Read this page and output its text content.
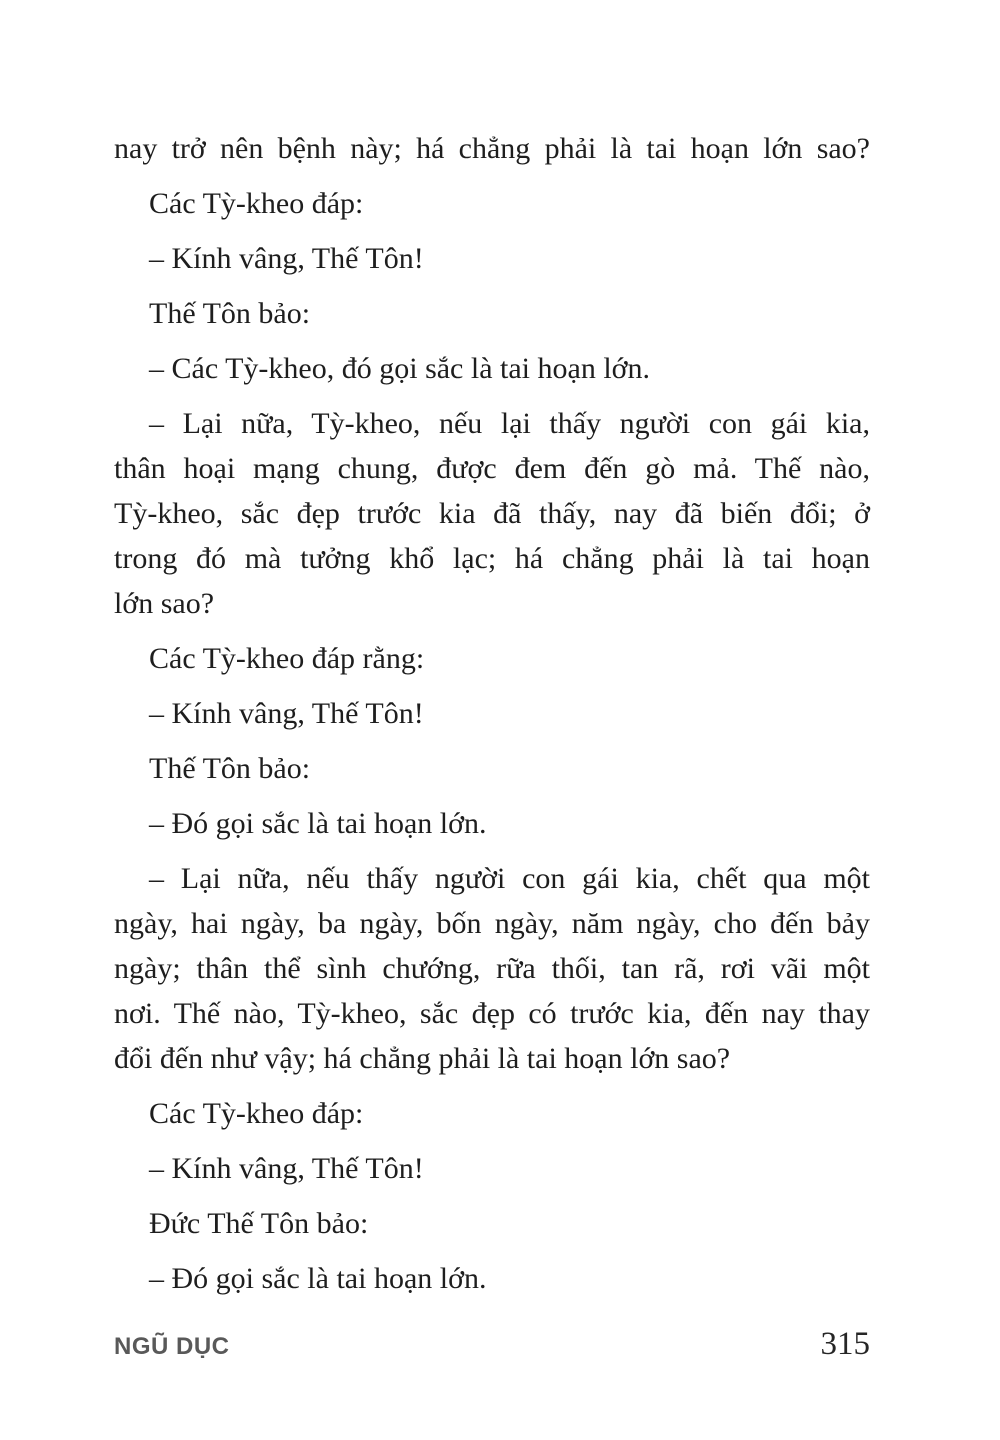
nay trở nên bệnh này; há chẳng phải là tai hoạn lớn sao?
Các Tỳ-kheo đáp:
– Kính vâng, Thế Tôn!
Thế Tôn bảo:
– Các Tỳ-kheo, đó gọi sắc là tai hoạn lớn.
– Lại nữa, Tỳ-kheo, nếu lại thấy người con gái kia,
thân hoại mạng chung, được đem đến gò mả. Thế nào,
Tỳ-kheo, sắc đẹp trước kia đã thấy, nay đã biến đổi; ở
trong đó mà tưởng khổ lạc; há chẳng phải là tai hoạn
lớn sao?
Các Tỳ-kheo đáp rằng:
– Kính vâng, Thế Tôn!
Thế Tôn bảo:
– Đó gọi sắc là tai hoạn lớn.
– Lại nữa, nếu thấy người con gái kia, chết qua một
ngày, hai ngày, ba ngày, bốn ngày, năm ngày, cho đến bảy
ngày; thân thể sình chướng, rữa thối, tan rã, rơi vãi một
nơi. Thế nào, Tỳ-kheo, sắc đẹp có trước kia, đến nay thay
đổi đến như vậy; há chẳng phải là tai hoạn lớn sao?
Các Tỳ-kheo đáp:
– Kính vâng, Thế Tôn!
Đức Thế Tôn bảo:
– Đó gọi sắc là tai hoạn lớn.
NGŨ DỤC	315
